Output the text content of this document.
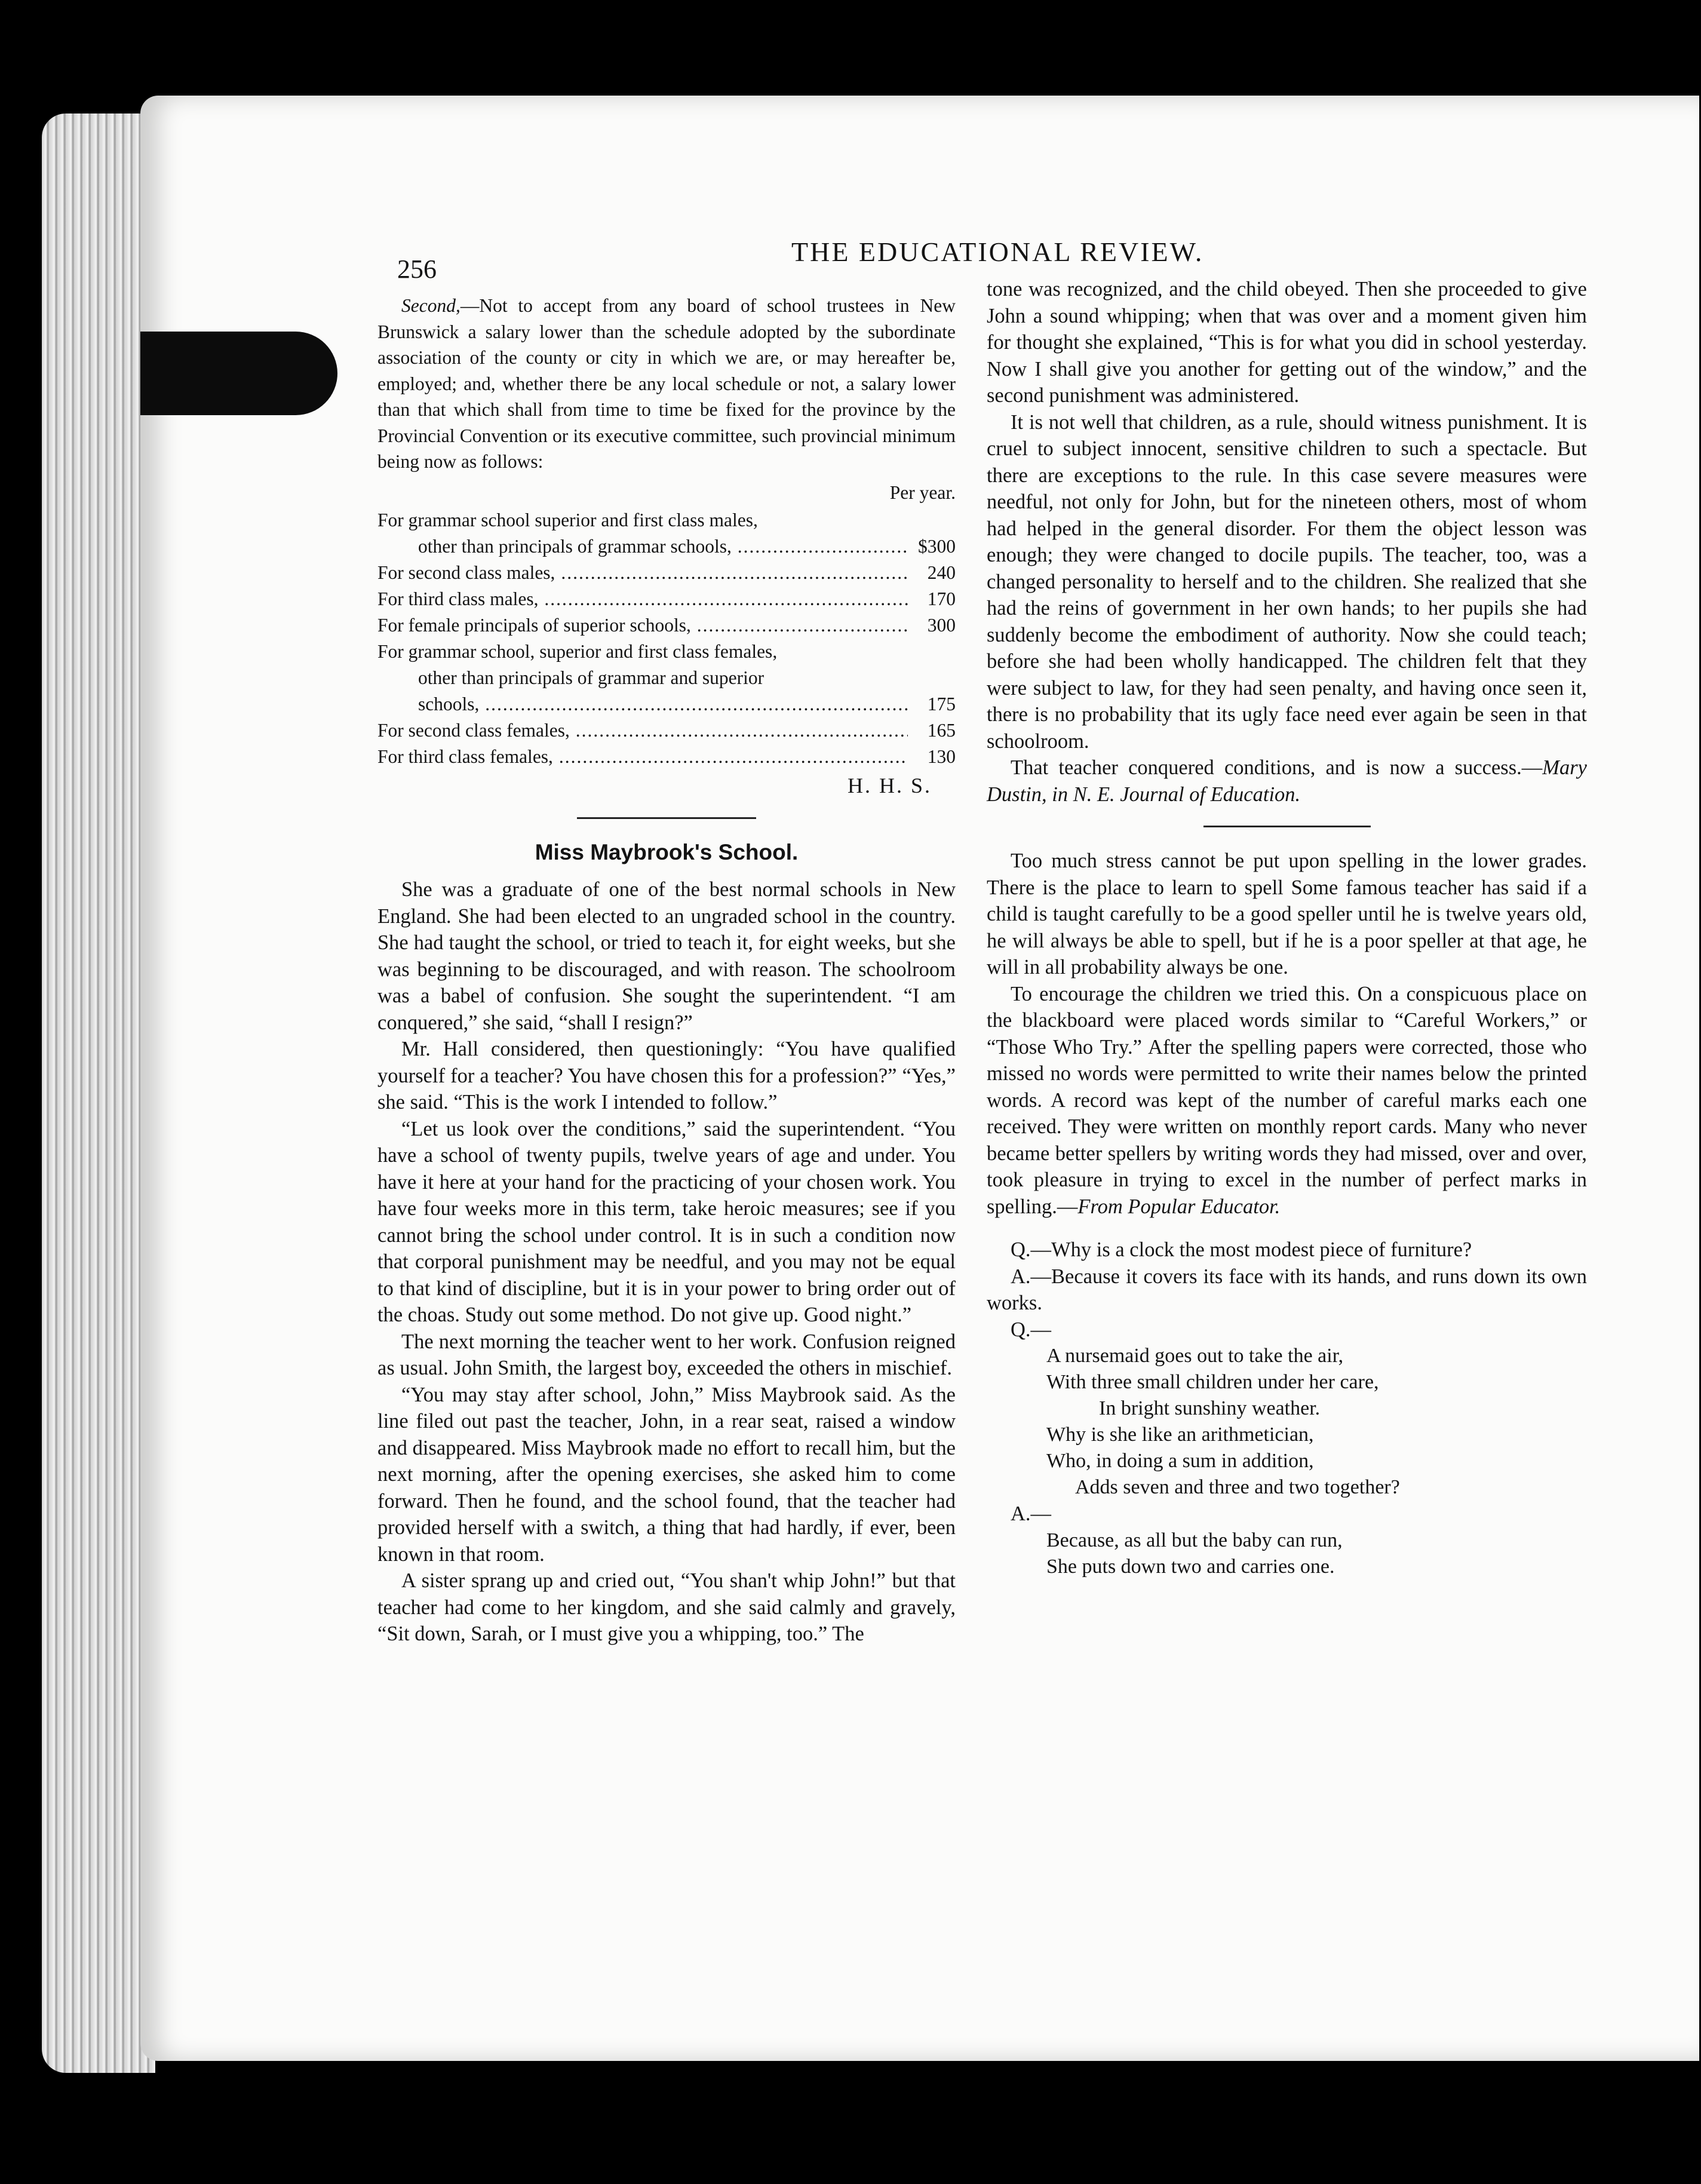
256
THE EDUCATIONAL REVIEW.

Second,—Not to accept from any board of school trustees in New Brunswick a salary lower than the schedule adopted by the subordinate association of the county or city in which we are, or may hereafter be, employed; and, whether there be any local schedule or not, a salary lower than that which shall from time to time be fixed for the province by the Provincial Convention or its executive committee, such provincial minimum being now as follows:

Per year.
For grammar school superior and first class males,
other than principals of grammar schools, .....	$300
For second class males, .....	240
For third class males, .....	170
For female principals of superior schools, .....	300
For grammar school, superior and first class females,
other than principals of grammar and superior
schools, .....	175
For second class females, .....	165
For third class females, .....	130
H. H. S.
Miss Maybrook's School.

She was a graduate of one of the best normal schools in New England. She had been elected to an ungraded school in the country. She had taught the school, or tried to teach it, for eight weeks, but she was beginning to be discouraged, and with reason. The schoolroom was a babel of confusion. She sought the superintendent. “I am conquered,” she said, “shall I resign?”

Mr. Hall considered, then questioningly: “You have qualified yourself for a teacher? You have chosen this for a profession?” “Yes,” she said. “This is the work I intended to follow.”

“Let us look over the conditions,” said the superintendent. “You have a school of twenty pupils, twelve years of age and under. You have it here at your hand for the practicing of your chosen work. You have four weeks more in this term, take heroic measures; see if you cannot bring the school under control. It is in such a condition now that corporal punishment may be needful, and you may not be equal to that kind of discipline, but it is in your power to bring order out of the choas. Study out some method. Do not give up. Good night.”

The next morning the teacher went to her work. Confusion reigned as usual. John Smith, the largest boy, exceeded the others in mischief.

“You may stay after school, John,” Miss Maybrook said. As the line filed out past the teacher, John, in a rear seat, raised a window and disappeared. Miss Maybrook made no effort to recall him, but the next morning, after the opening exercises, she asked him to come forward. Then he found, and the school found, that the teacher had provided herself with a switch, a thing that had hardly, if ever, been known in that room.

A sister sprang up and cried out, “You shan't whip John!” but that teacher had come to her kingdom, and she said calmly and gravely, “Sit down, Sarah, or I must give you a whipping, too.” The

tone was recognized, and the child obeyed. Then she proceeded to give John a sound whipping; when that was over and a moment given him for thought she explained, “This is for what you did in school yesterday. Now I shall give you another for getting out of the window,” and the second punishment was administered.

It is not well that children, as a rule, should witness punishment. It is cruel to subject innocent, sensitive children to such a spectacle. But there are exceptions to the rule. In this case severe measures were needful, not only for John, but for the nineteen others, most of whom had helped in the general disorder. For them the object lesson was enough; they were changed to docile pupils. The teacher, too, was a changed personality to herself and to the children. She realized that she had the reins of government in her own hands; to her pupils she had suddenly become the embodiment of authority. Now she could teach; before she had been wholly handicapped. The children felt that they were subject to law, for they had seen penalty, and having once seen it, there is no probability that its ugly face need ever again be seen in that schoolroom.

That teacher conquered conditions, and is now a success.—Mary Dustin, in N. E. Journal of Education.

Too much stress cannot be put upon spelling in the lower grades. There is the place to learn to spell Some famous teacher has said if a child is taught carefully to be a good speller until he is twelve years old, he will always be able to spell, but if he is a poor speller at that age, he will in all probability always be one.

To encourage the children we tried this. On a conspicuous place on the blackboard were placed words similar to “Careful Workers,” or “Those Who Try.” After the spelling papers were corrected, those who missed no words were permitted to write their names below the printed words. A record was kept of the number of careful marks each one received. They were written on monthly report cards. Many who never became better spellers by writing words they had missed, over and over, took pleasure in trying to excel in the number of perfect marks in spelling.—From Popular Educator.

Q.—Why is a clock the most modest piece of furniture?

A.—Because it covers its face with its hands, and runs down its own works.

Q.—

A nursemaid goes out to take the air,

With three small children under her care,

In bright sunshiny weather.

Why is she like an arithmetician,

Who, in doing a sum in addition,

Adds seven and three and two together?

A.—

Because, as all but the baby can run,

She puts down two and carries one.
